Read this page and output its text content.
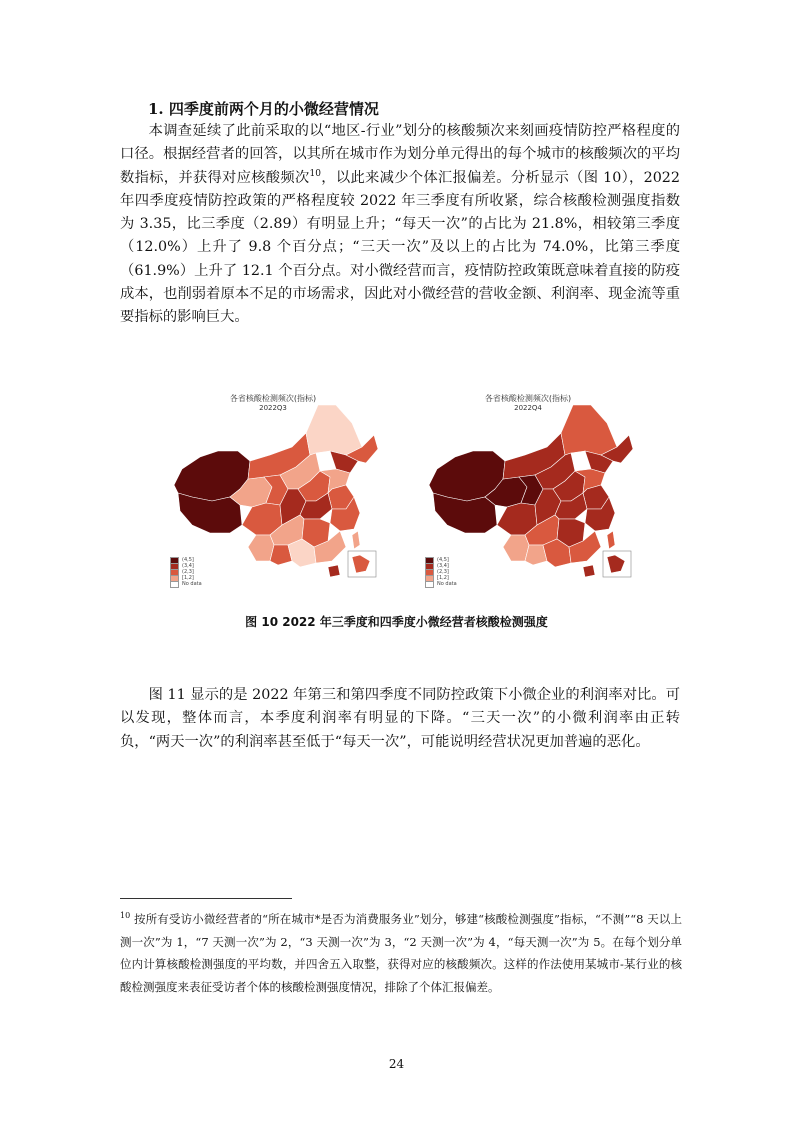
1. 四季度前两个月的小微经营情况

本调查延续了此前采取的以“地区-行业”划分的核酸频次来刻画疫情防控严格程度的口径。根据经营者的回答，以其所在城市作为划分单元得出的每个城市的核酸频次的平均数指标，并获得对应核酸频次$^{10}$，以此来减少个体汇报偏差。分析显示（图 10），2022 年四季度疫情防控政策的严格程度较 2022 年三季度有所收紧，综合核酸检测强度指数为 3.35，比三季度（2.89）有明显上升；“每天一次”的占比为 21.8%，相较第三季度（12.0%）上升了 9.8 个百分点；“三天一次”及以上的占比为 74.0%，比第三季度（61.9%）上升了 12.1 个百分点。对小微经营而言，疫情防控政策既意味着直接的防疫成本，也削弱着原本不足的市场需求，因此对小微经营的营收金额、利润率、现金流等重要指标的影响巨大。

各省核酸检测频次(指标)
2022Q3
(4,5]
(3,4]
(2,3]
[1,2]
No data
各省核酸检测频次(指标)
2022Q4
(4,5]
(3,4]
(2,3]
[1,2]
No data
图 10 2022 年三季度和四季度小微经营者核酸检测强度

图 11 显示的是 2022 年第三和第四季度不同防控政策下小微企业的利润率对比。可以发现，整体而言，本季度利润率有明显的下降。“三天一次”的小微利润率由正转负，“两天一次”的利润率甚至低于“每天一次”，可能说明经营状况更加普遍的恶化。

$^{10}$ 按所有受访小微经营者的“所在城市*是否为消费服务业”划分，够建“核酸检测强度”指标，“不测”“8 天以上测一次”为 1，“7 天测一次”为 2，“3 天测一次”为 3，“2 天测一次”为 4，“每天测一次”为 5。在每个划分单位内计算核酸检测强度的平均数，并四舍五入取整，获得对应的核酸频次。这样的作法使用某城市-某行业的核酸检测强度来表征受访者个体的核酸检测强度情况，排除了个体汇报偏差。

24
